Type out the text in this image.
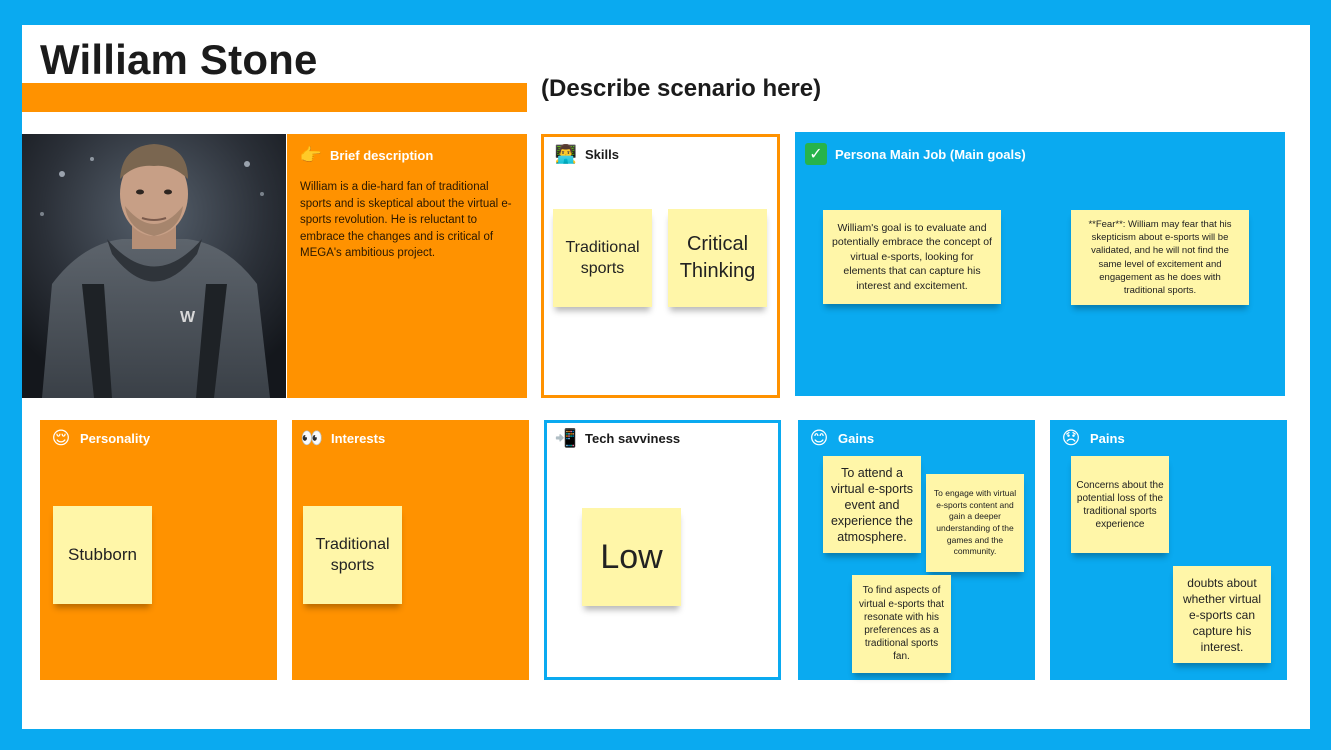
William Stone
(Describe scenario here)
W
👉 Brief description
William is a die-hard fan of traditional sports and is skeptical about the virtual e-sports revolution. He is reluctant to embrace the changes and is critical of MEGA's ambitious project.
👨‍💻 Skills
Traditional sports
Critical Thinking
✓ Persona Main Job (Main goals)
William's goal is to evaluate and potentially embrace the concept of virtual e-sports, looking for elements that can capture his interest and excitement.
**Fear**: William may fear that his skepticism about e-sports will be validated, and he will not find the same level of excitement and engagement as he does with traditional sports.
😌 Personality
Stubborn
👀 Interests
Traditional sports
📲 Tech savviness
Low
😊 Gains
To attend a virtual e-sports event and experience the atmosphere.
To engage with virtual e-sports content and gain a deeper understanding of the games and the community.
To find aspects of virtual e-sports that resonate with his preferences as a traditional sports fan.
😞 Pains
Concerns about the potential loss of the traditional sports experience
doubts about whether virtual e-sports can capture his interest.
